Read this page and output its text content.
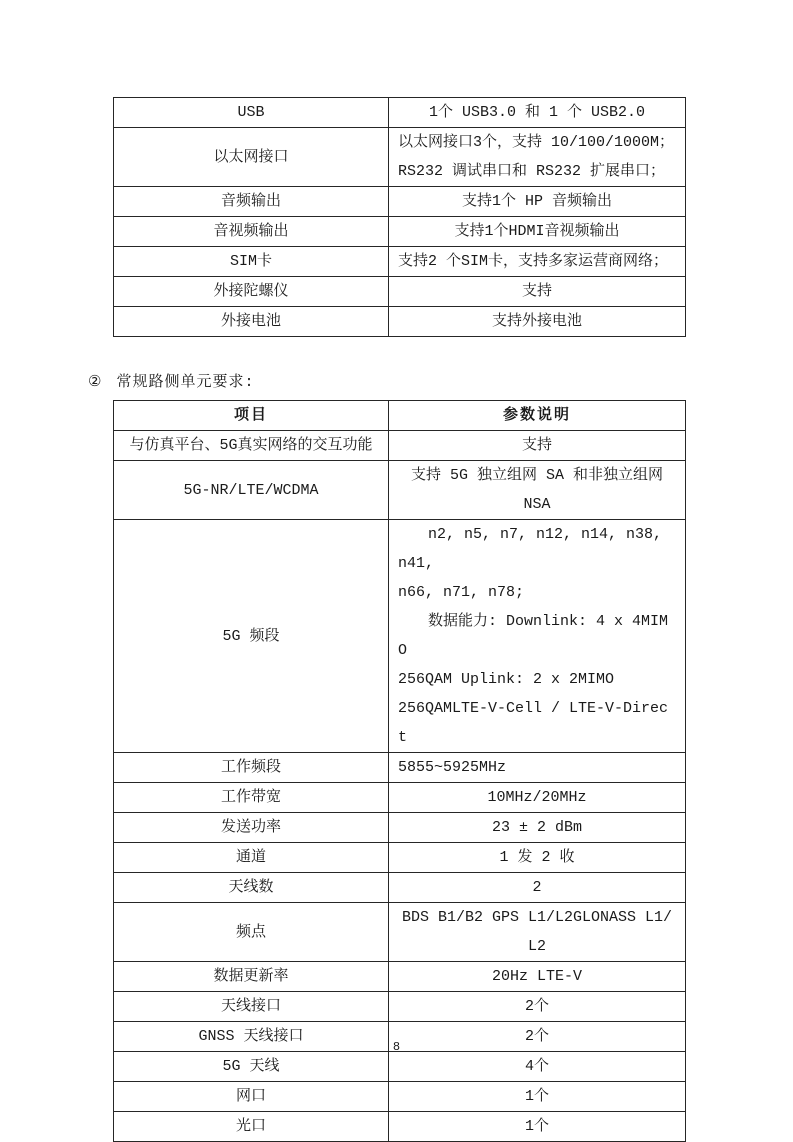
USB	1个 USB3.0 和 1 个 USB2.0
以太网接口	以太网接口3个，支持 10/100/1000M；
RS232 调试串口和 RS232 扩展串口；

音频输出	支持1个 HP 音频输出
音视频输出	支持1个HDMI音视频输出
SIM卡	支持2 个SIM卡，支持多家运营商网络；
外接陀螺仪	支持
外接电池	支持外接电池
② 常规路侧单元要求:
项目	参数说明
与仿真平台、5G真实网络的交互功能	支持
5G-NR/LTE/WCDMA	支持 5G 独立组网 SA 和非独立组网
NSA

5G 频段	n2, n5, n7, n12, n14, n38, n41,
n66, n71, n78;
数据能力: Downlink: 4 x 4MIMO
256QAM Uplink: 2 x 2MIMO
256QAMLTE-V-Cell / LTE-V-Direct

工作频段	5855~5925MHz
工作带宽	10MHz/20MHz
发送功率	23 ± 2 dBm
通道	1 发 2 收
天线数	2
频点	BDS B1/B2 GPS L1/L2GLONASS L1/L2
数据更新率	20Hz LTE-V
天线接口	2个
GNSS 天线接口	2个
5G 天线	4个
网口	1个
光口	1个
8
